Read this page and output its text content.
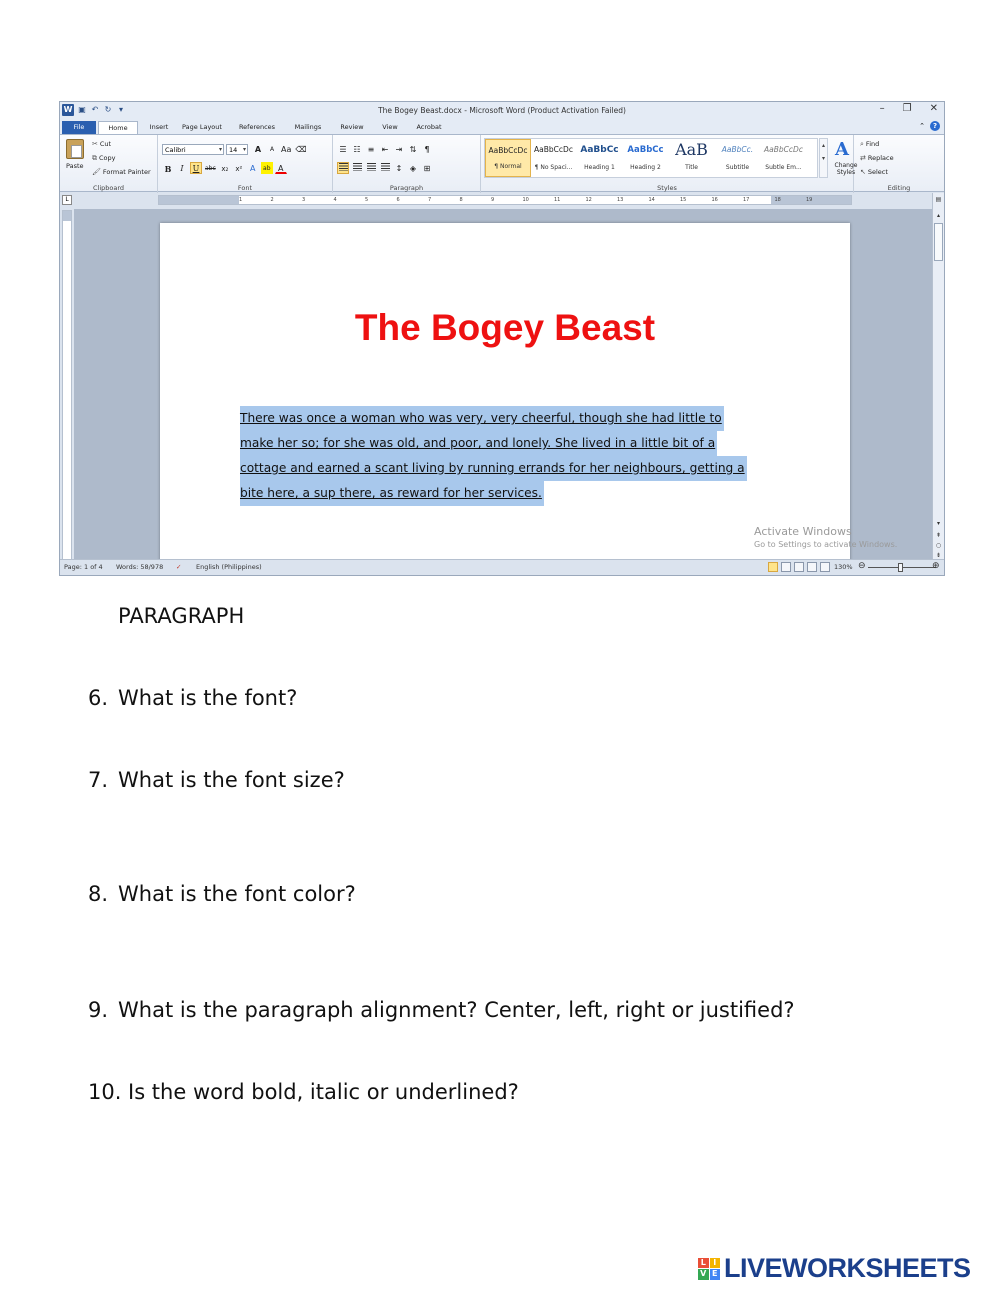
W ▣ ↶ ↻ ▾	The Bogey Beast.docx - Microsoft Word (Product Activation Failed)	– ❐ ✕
File	Home	Insert	Page Layout	References	Mailings	Review	View	Acrobat	⌃	?
Paste
✂ Cut
⧉ Copy
🖌 Format Painter
Clipboard
Calibri	▾	14 ▾	A	A Aa ⌫
B	I	U abc x₂	x² A	ab A
Font
☰ ☷ ≡ ⇤ ⇥ ⇅	¶
↕ ◈ ⊞
Paragraph
AaBbCcDc
¶ Normal
AaBbCcDc
¶ No Spaci...
AaBbCc
Heading 1
AaBbCc
Heading 2
AaB
Title
AaBbCc.
Subtitle
AaBbCcDc
Subtle Em...
▴
▾ A
Change Styles
Styles
⌕ Find
⇄ Replace
↖ Select
Editing
L	1	2	3	4	5	6	7	8	9	10	11	12	13	14	15	16	17	18	19
The Bogey Beast
There was once a woman who was very, very cheerful, though she had little to
make her so; for she was old, and poor, and lonely. She lived in a little bit of a
cottage and earned a scant living by running errands for her neighbours, getting a
bite here, a sup there, as reward for her services.
Activate Windows
Go to Settings to activate Windows.
▤
▴
▾
⇞
○
⇟
Page: 1 of 4 Words: 58/978 ✓ English (Philippines)	130% ⊖	⊕
PARAGRAPH
6. What is the font?
7. What is the font size?
8. What is the font color?
9. What is the paragraph alignment? Center, left, right or justified?
10. Is the word bold, italic or underlined?
L I
V E LIVEWORKSHEETS
